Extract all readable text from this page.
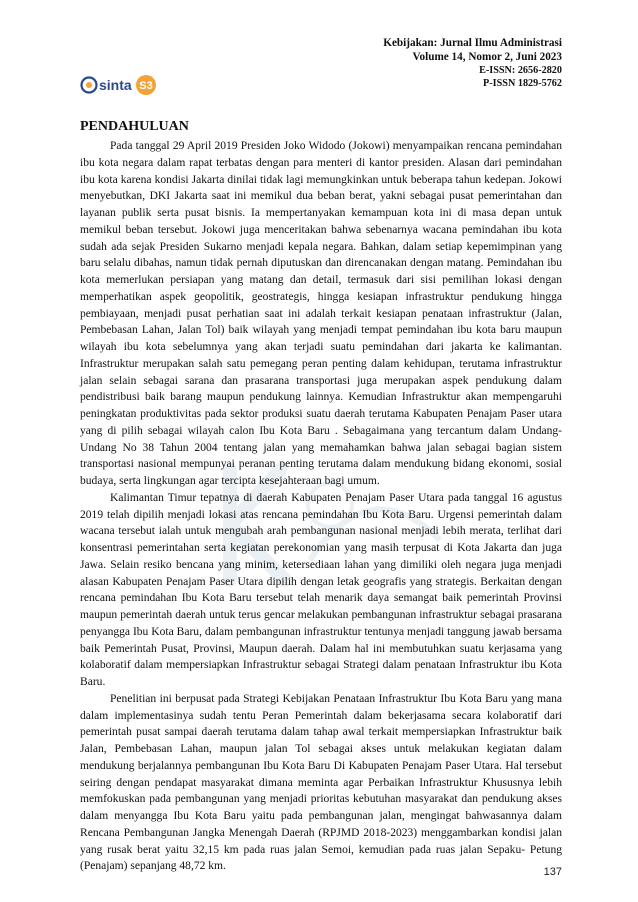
Kebijakan: Jurnal Ilmu Administrasi
Volume 14, Nomor 2, Juni 2023
E-ISSN: 2656-2820
P-ISSN 1829-5762
sinta S3
PENDAHULUAN

Pada tanggal 29 April 2019 Presiden Joko Widodo (Jokowi) menyampaikan rencana pemindahan ibu kota negara dalam rapat terbatas dengan para menteri di kantor presiden. Alasan dari pemindahan ibu kota karena kondisi Jakarta dinilai tidak lagi memungkinkan untuk beberapa tahun kedepan. Jokowi menyebutkan, DKI Jakarta saat ini memikul dua beban berat, yakni sebagai pusat pemerintahan dan layanan publik serta pusat bisnis. Ia mempertanyakan kemampuan kota ini di masa depan untuk memikul beban tersebut. Jokowi juga menceritakan bahwa sebenarnya wacana pemindahan ibu kota sudah ada sejak Presiden Sukarno menjadi kepala negara. Bahkan, dalam setiap kepemimpinan yang baru selalu dibahas, namun tidak pernah diputuskan dan direncanakan dengan matang. Pemindahan ibu kota memerlukan persiapan yang matang dan detail, termasuk dari sisi pemilihan lokasi dengan memperhatikan aspek geopolitik, geostrategis, hingga kesiapan infrastruktur pendukung hingga pembiayaan, menjadi pusat perhatian saat ini adalah terkait kesiapan penataan infrastruktur (Jalan, Pembebasan Lahan, Jalan Tol) baik wilayah yang menjadi tempat pemindahan ibu kota baru maupun wilayah ibu kota sebelumnya yang akan terjadi suatu pemindahan dari jakarta ke kalimantan. Infrastruktur merupakan salah satu pemegang peran penting dalam kehidupan, terutama infrastruktur jalan selain sebagai sarana dan prasarana transportasi juga merupakan aspek pendukung dalam pendistribusi baik barang maupun pendukung lainnya. Kemudian Infrastruktur akan mempengaruhi peningkatan produktivitas pada sektor produksi suatu daerah terutama Kabupaten Penajam Paser utara yang di pilih sebagai wilayah calon Ibu Kota Baru . Sebagaimana yang tercantum dalam Undang-Undang No 38 Tahun 2004 tentang jalan yang memahamkan bahwa jalan sebagai bagian sistem transportasi nasional mempunyai peranan penting terutama dalam mendukung bidang ekonomi, sosial budaya, serta lingkungan agar tercipta kesejahteraan bagi umum.

Kalimantan Timur tepatnya di daerah Kabupaten Penajam Paser Utara pada tanggal 16 agustus 2019 telah dipilih menjadi lokasi atas rencana pemindahan Ibu Kota Baru. Urgensi pemerintah dalam wacana tersebut ialah untuk mengubah arah pembangunan nasional menjadi lebih merata, terlihat dari konsentrasi pemerintahan serta kegiatan perekonomian yang masih terpusat di Kota Jakarta dan juga Jawa. Selain resiko bencana yang minim, ketersediaan lahan yang dimiliki oleh negara juga menjadi alasan Kabupaten Penajam Paser Utara dipilih dengan letak geografis yang strategis. Berkaitan dengan rencana pemindahan Ibu Kota Baru tersebut telah menarik daya semangat baik pemerintah Provinsi maupun pemerintah daerah untuk terus gencar melakukan pembangunan infrastruktur sebagai prasarana penyangga Ibu Kota Baru, dalam pembangunan infrastruktur tentunya menjadi tanggung jawab bersama baik Pemerintah Pusat, Provinsi, Maupun daerah. Dalam hal ini membutuhkan suatu kerjasama yang kolaboratif dalam mempersiapkan Infrastruktur sebagai Strategi dalam penataan Infrastruktur ibu Kota Baru.

Penelitian ini berpusat pada Strategi Kebijakan Penataan Infrastruktur Ibu Kota Baru yang mana dalam implementasinya sudah tentu Peran Pemerintah dalam bekerjasama secara kolaboratif dari pemerintah pusat sampai daerah terutama dalam tahap awal terkait mempersiapkan Infrastruktur baik Jalan, Pembebasan Lahan, maupun jalan Tol sebagai akses untuk melakukan kegiatan dalam mendukung berjalannya pembangunan Ibu Kota Baru Di Kabupaten Penajam Paser Utara. Hal tersebut seiring dengan pendapat masyarakat dimana meminta agar Perbaikan Infrastruktur Khususnya lebih memfokuskan pada pembangunan yang menjadi prioritas kebutuhan masyarakat dan pendukung akses dalam menyangga Ibu Kota Baru yaitu pada pembangunan jalan, mengingat bahwasannya dalam Rencana Pembangunan Jangka Menengah Daerah (RPJMD 2018-2023) menggambarkan kondisi jalan yang rusak berat yaitu 32,15 km pada ruas jalan Semoi, kemudian pada ruas jalan Sepaku- Petung (Penajam) sepanjang 48,72 km.	137
